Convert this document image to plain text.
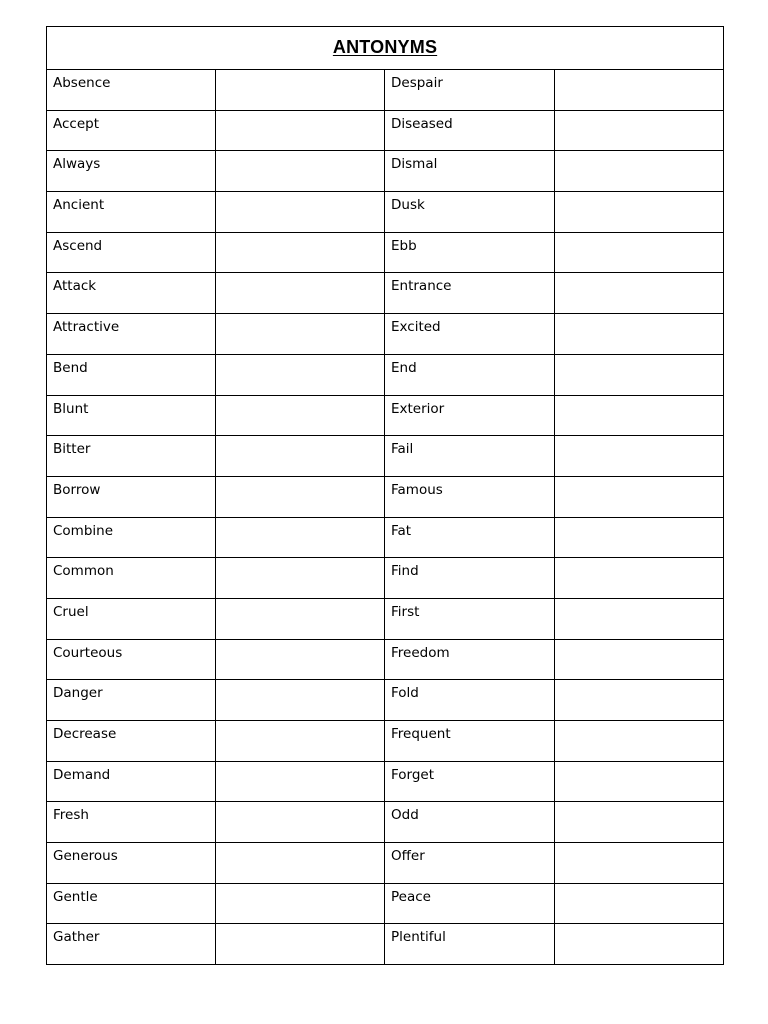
ANTONYMS			

Absence		Despair	

Accept		Diseased	

Always		Dismal	

Ancient		Dusk	

Ascend		Ebb	

Attack		Entrance	

Attractive		Excited	

Bend		End	

Blunt		Exterior	

Bitter		Fail	

Borrow		Famous	

Combine		Fat	

Common		Find	

Cruel		First	

Courteous		Freedom	

Danger		Fold	

Decrease		Frequent	

Demand		Forget	

Fresh		Odd	

Generous		Offer	

Gentle		Peace	

Gather		Plentiful	
